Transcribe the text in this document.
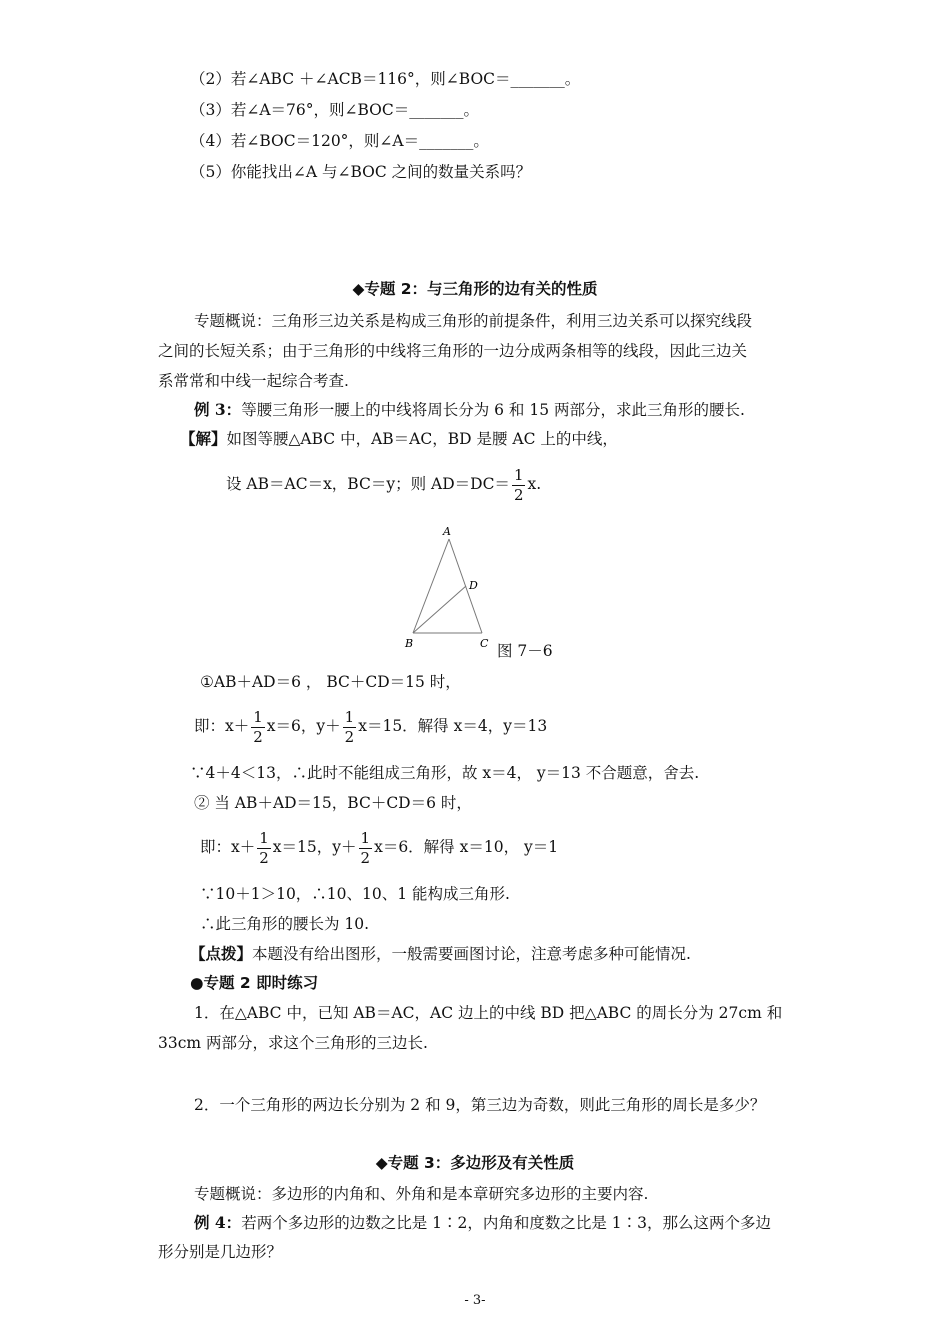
（2）若∠ABC ＋∠ACB＝116°，则∠BOC＝_______。
（3）若∠A＝76°，则∠BOC＝_______。
（4）若∠BOC＝120°，则∠A＝_______。
（5）你能找出∠A 与∠BOC 之间的数量关系吗？
◆专题 2：与三角形的边有关的性质
专题概说：三角形三边关系是构成三角形的前提条件，利用三边关系可以探究线段
之间的长短关系；由于三角形的中线将三角形的一边分成两条相等的线段，因此三边关
系常常和中线一起综合考查.
例 3：等腰三角形一腰上的中线将周长分为 6 和 15 两部分，求此三角形的腰长.
【解】如图等腰△ABC 中，AB＝AC，BD 是腰 AC 上的中线，
设 AB＝AC＝x，BC＝y；则 $AD=DC= \frac{1}{2} x$.
A
D
B	C 图 7－6
①AB＋AD＝6 ， BC＋CD＝15 时，
即：$x+ \frac{1}{2} x=6$，$y+ \frac{1}{2} x=15$．解得 x＝4，y＝13
∵4＋4＜13，∴此时不能组成三角形，故 x＝4， y＝13 不合题意，舍去.
② 当 AB＋AD＝15，BC＋CD＝6 时，
即：$x+ \frac{1}{2} x=15$，$y+ \frac{1}{2} x=6$．解得 x＝10， y＝1
∵10＋1＞10，∴10、10、1 能构成三角形.
∴此三角形的腰长为 10.
【点拨】本题没有给出图形，一般需要画图讨论，注意考虑多种可能情况.
●专题 2 即时练习
1．在△ABC 中，已知 AB＝AC，AC 边上的中线 BD 把△ABC 的周长分为 27cm 和
33cm 两部分，求这个三角形的三边长.
2．一个三角形的两边长分别为 2 和 9，第三边为奇数，则此三角形的周长是多少？
◆专题 3：多边形及有关性质
专题概说：多边形的内角和、外角和是本章研究多边形的主要内容.
例 4：若两个多边形的边数之比是 1∶2，内角和度数之比是 1∶3，那么这两个多边
形分别是几边形？
- 3-
